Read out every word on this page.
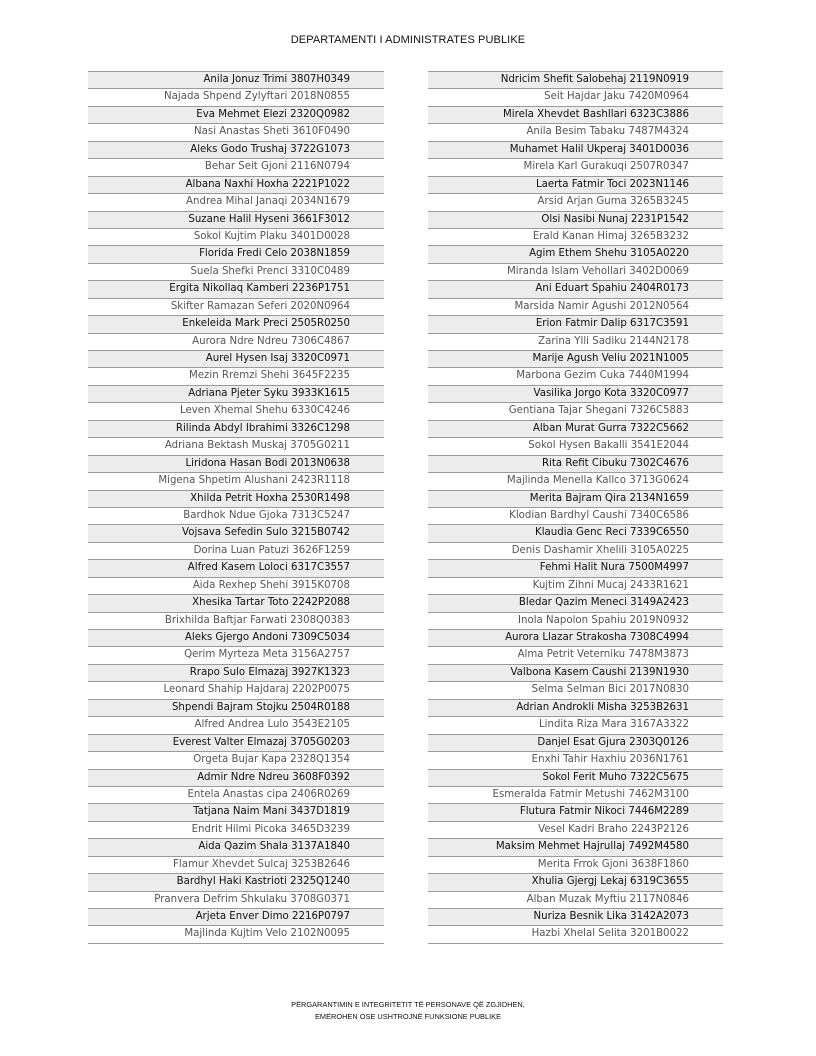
DEPARTAMENTI I ADMINISTRATES PUBLIKE
Anila Jonuz Trimi 3807H0349
Najada Shpend Zylyftari 2018N0855
Eva Mehmet Elezi 2320Q0982
Nasi Anastas Sheti 3610F0490
Aleks Godo Trushaj 3722G1073
Behar Seit Gjoni 2116N0794
Albana Naxhi Hoxha 2221P1022
Andrea Mihal Janaqi 2034N1679
Suzane Halil Hyseni 3661F3012
Sokol Kujtim Plaku 3401D0028
Florida Fredi Celo 2038N1859
Suela Shefki Prenci 3310C0489
Ergita Nikollaq Kamberi 2236P1751
Skifter Ramazan Seferi 2020N0964
Enkeleida Mark Preci 2505R0250
Aurora Ndre Ndreu 7306C4867
Aurel Hysen Isaj 3320C0971
Mezin Rremzi Shehi 3645F2235
Adriana Pjeter Syku 3933K1615
Leven Xhemal Shehu 6330C4246
Rilinda Abdyl Ibrahimi 3326C1298
Adriana Bektash Muskaj 3705G0211
Liridona Hasan Bodi 2013N0638
Migena Shpetim Alushani 2423R1118
Xhilda Petrit Hoxha 2530R1498
Bardhok Ndue Gjoka 7313C5247
Vojsava Sefedin Sulo 3215B0742
Dorina Luan Patuzi 3626F1259
Alfred Kasem Loloci 6317C3557
Aida Rexhep Shehi 3915K0708
Xhesika Tartar Toto 2242P2088
Brixhilda Baftjar Farwati 2308Q0383
Aleks Gjergo Andoni 7309C5034
Qerim Myrteza Meta 3156A2757
Rrapo Sulo Elmazaj 3927K1323
Leonard Shahip Hajdaraj 2202P0075
Shpendi Bajram Stojku 2504R0188
Alfred Andrea Lulo 3543E2105
Everest Valter Elmazaj 3705G0203
Orgeta Bujar Kapa 2328Q1354
Admir Ndre Ndreu 3608F0392
Entela Anastas cipa 2406R0269
Tatjana Naim Mani 3437D1819
Endrit Hilmi Picoka 3465D3239
Aida Qazim Shala 3137A1840
Flamur Xhevdet Sulcaj 3253B2646
Bardhyl Haki Kastrioti 2325Q1240
Pranvera Defrim Shkulaku 3708G0371
Arjeta Enver Dimo 2216P0797
Majlinda Kujtim Velo 2102N0095
Ndricim Shefit Salobehaj 2119N0919
Seit Hajdar Jaku 7420M0964
Mirela Xhevdet Bashllari 6323C3886
Anila Besim Tabaku 7487M4324
Muhamet Halil Ukperaj 3401D0036
Mirela Karl Gurakuqi 2507R0347
Laerta Fatmir Toci 2023N1146
Arsid Arjan Guma 3265B3245
Olsi Nasibi Nunaj 2231P1542
Erald Kanan Himaj 3265B3232
Agim Ethem Shehu 3105A0220
Miranda Islam Vehollari 3402D0069
Ani Eduart Spahiu 2404R0173
Marsida Namir Agushi 2012N0564
Erion Fatmir Dalip 6317C3591
Zarina Ylli Sadiku 2144N2178
Marije Agush Veliu 2021N1005
Marbona Gezim Cuka 7440M1994
Vasilika Jorgo Kota 3320C0977
Gentiana Tajar Shegani 7326C5883
Alban Murat Gurra 7322C5662
Sokol Hysen Bakalli 3541E2044
Rita Refit Cibuku 7302C4676
Majlinda Menella Kallco 3713G0624
Merita Bajram Qira 2134N1659
Klodian Bardhyl Caushi 7340C6586
Klaudia Genc Reci 7339C6550
Denis Dashamir Xhelili 3105A0225
Fehmi Halit Nura 7500M4997
Kujtim Zihni Mucaj 2433R1621
Bledar Qazim Meneci 3149A2423
Inola Napolon Spahiu 2019N0932
Aurora Llazar Strakosha 7308C4994
Alma Petrit Veterniku 7478M3873
Valbona Kasem Caushi 2139N1930
Selma Selman Bici 2017N0830
Adrian Androkli Misha 3253B2631
Lindita Riza Mara 3167A3322
Danjel Esat Gjura 2303Q0126
Enxhi Tahir Haxhiu 2036N1761
Sokol Ferit Muho 7322C5675
Esmeralda Fatmir Metushi 7462M3100
Flutura Fatmir Nikoci 7446M2289
Vesel Kadri Braho 2243P2126
Maksim Mehmet Hajrullaj 7492M4580
Merita Frrok Gjoni 3638F1860
Xhulia Gjergj Lekaj 6319C3655
Alban Muzak Myftiu 2117N0846
Nuriza Besnik Lika 3142A2073
Hazbi Xhelal Selita 3201B0022
PËRGARANTIMIN E INTEGRITETIT TË PERSONAVE QË ZGJIDHEN,
EMËROHEN OSE USHTROJNË FUNKSIONE PUBLIKE
